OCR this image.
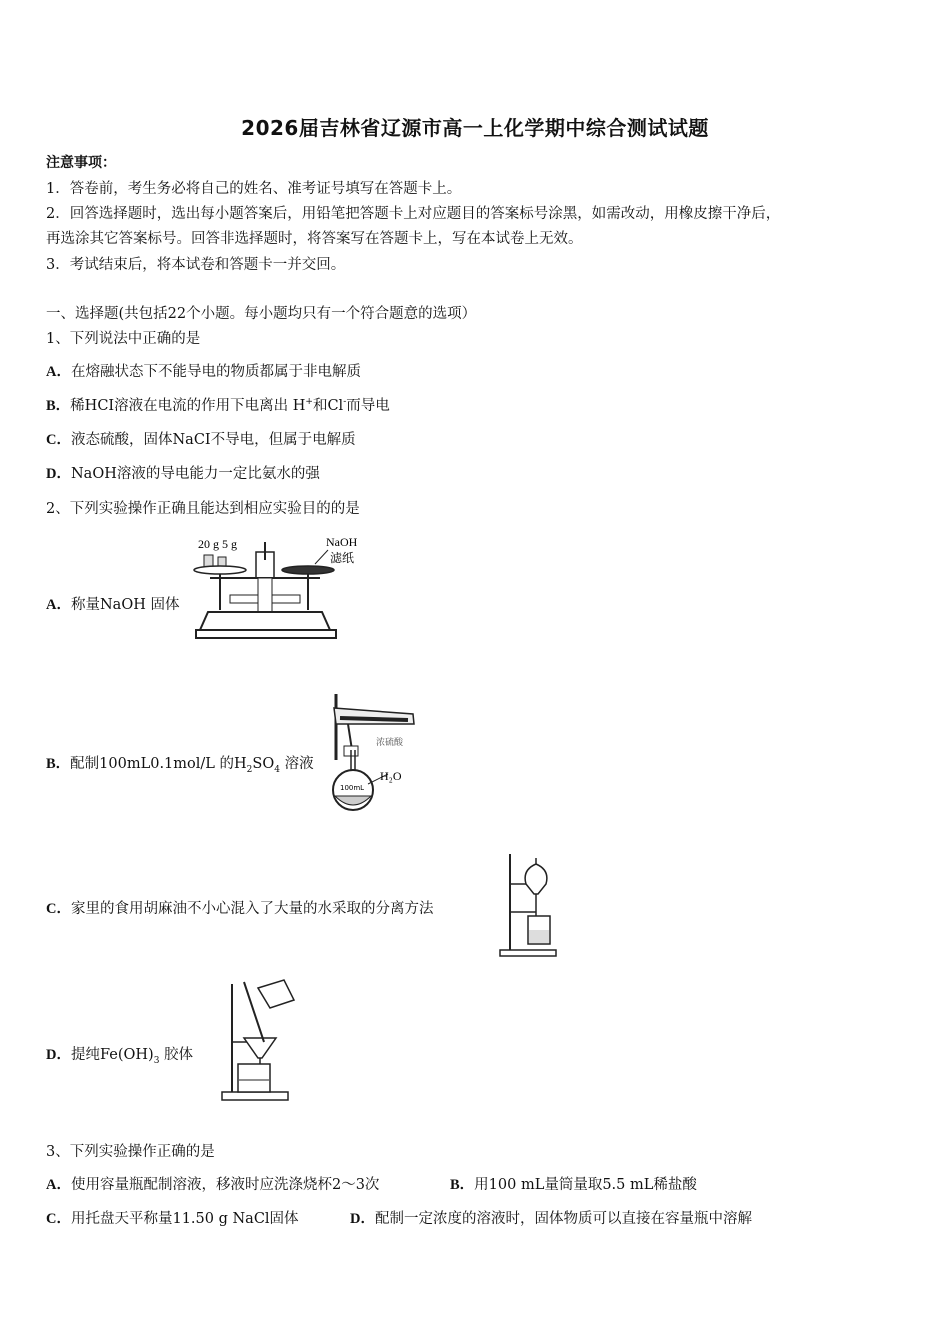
2026届吉林省辽源市高一上化学期中综合测试试题
注意事项：
1．答卷前，考生务必将自己的姓名、准考证号填写在答题卡上。
2．回答选择题时，选出每小题答案后，用铅笔把答题卡上对应题目的答案标号涂黑，如需改动，用橡皮擦干净后，
再选涂其它答案标号。回答非选择题时，将答案写在答题卡上，写在本试卷上无效。
3．考试结束后，将本试卷和答题卡一并交回。
一、选择题(共包括22个小题。每小题均只有一个符合题意的选项）
1、下列说法中正确的是
A．在熔融状态下不能导电的物质都属于非电解质
B．稀HCI溶液在电流的作用下电离出 H+和Cl-而导电
C．液态硫酸，固体NaCI不导电，但属于电解质
D．NaOH溶液的导电能力一定比氨水的强
2、下列实验操作正确且能达到相应实验目的的是
A．称量NaOH 固体
20 g 5 g	NaOH
滤纸
B．配制100mL0.1mol/L 的$H_2SO_4$ 溶液
浓硫酸
100mL
H₂O
C．家里的食用胡麻油不小心混入了大量的水采取的分离方法
D．提纯$Fe(OH)_3$ 胶体
3、下列实验操作正确的是
A．使用容量瓶配制溶液，移液时应洗涤烧杯2～3次	B．用100 mL量筒量取5.5 mL稀盐酸
C．用托盘天平称量11.50 g NaCl固体	D．配制一定浓度的溶液时，固体物质可以直接在容量瓶中溶解
